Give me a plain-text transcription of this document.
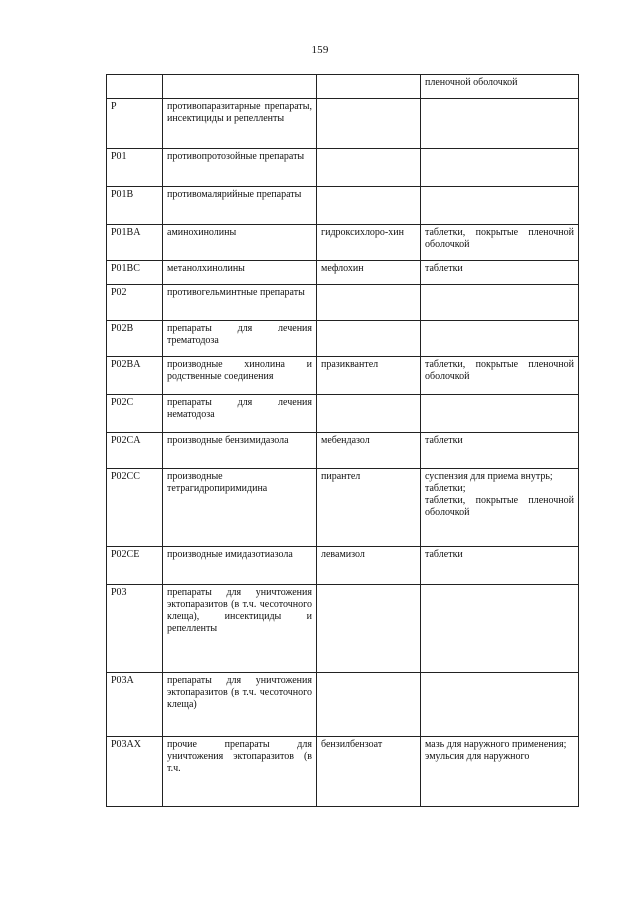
159

			пленочной оболочкой

P	противопаразитарные препараты, инсектициды и репелленты		
P01	противопротозойные препараты		
P01B	противомалярийные препараты		
P01BA	аминохинолины	гидроксихлоро-хин	таблетки, покрытые пленочной оболочкой

P01BC	метанолхинолины	мефлохин	таблетки

P02	противогельминтные препараты		
P02B	препараты для лечения трематодоза		
P02BA	производные хинолина и родственные соединения	празиквантел	таблетки, покрытые пленочной оболочкой

P02C	препараты для лечения нематодоза		
P02CA	производные бензимидазола	мебендазол	таблетки

P02CC	производные тетрагидропиримидина	пирантел	суспензия для приема внутрь;
таблетки;
таблетки, покрытые пленочной оболочкой

P02CE	производные имидазотиазола	левамизол	таблетки

P03	препараты для уничтожения эктопаразитов (в т.ч. чесоточного клеща), инсектициды и репелленты		
P03A	препараты для уничтожения эктопаразитов (в т.ч. чесоточного клеща)		
P03AX	прочие препараты для уничтожения эктопаразитов (в т.ч.	бензилбензоат	мазь для наружного применения;
эмульсия для наружного
